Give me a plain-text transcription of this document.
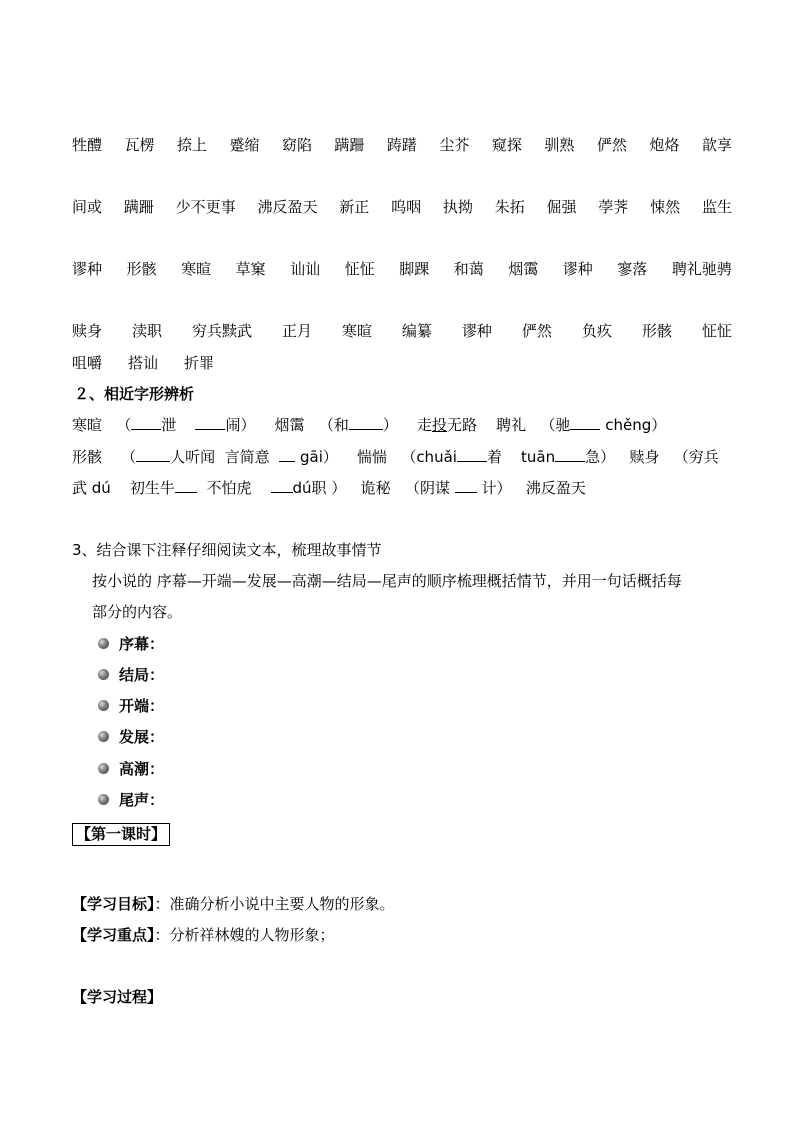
牲醴 瓦楞 捺上 蹙缩 窈陷 蹒跚 踌躇 尘芥 窥探 驯熟 俨然 炮烙 歆享
间或 蹒跚 少不更事 沸反盈天 新正 呜咽 执拗 朱拓 倔强 荸荠 悚然 监生
谬种 形骸 寒暄 草窠 讪讪 怔怔 脚踝 和蔼 烟霭 谬种 寥落 聘礼驰骋
赎身 渎职 穷兵黩武 正月 寒暄 编纂 谬种 俨然 负疚 形骸 怔怔
咀嚼 搭讪 折罪
２、相近字形辨析
寒暄 （ 泄	闹） 烟霭 （和 ） 走投无路 聘礼 （驰 chěng）
形骸 （ 人听闻 言简意 gāi） 惴惴 （chuǎi 着 tuān 急） 赎身 （穷兵
武 dú 初生牛 不怕虎	dú职 ） 诡秘 （阴谋 计） 沸反盈天
3、结合课下注释仔细阅读文本，梳理故事情节
按小说的 序幕—开端—发展—高潮—结局—尾声的顺序梳理概括情节，并用一句话概括每
部分的内容。
序幕：
结局：
开端：
发展：
高潮：
尾声：
【第一课时】
【学习目标】：准确分析小说中主要人物的形象。
【学习重点】：分析祥林嫂的人物形象；
【学习过程】
